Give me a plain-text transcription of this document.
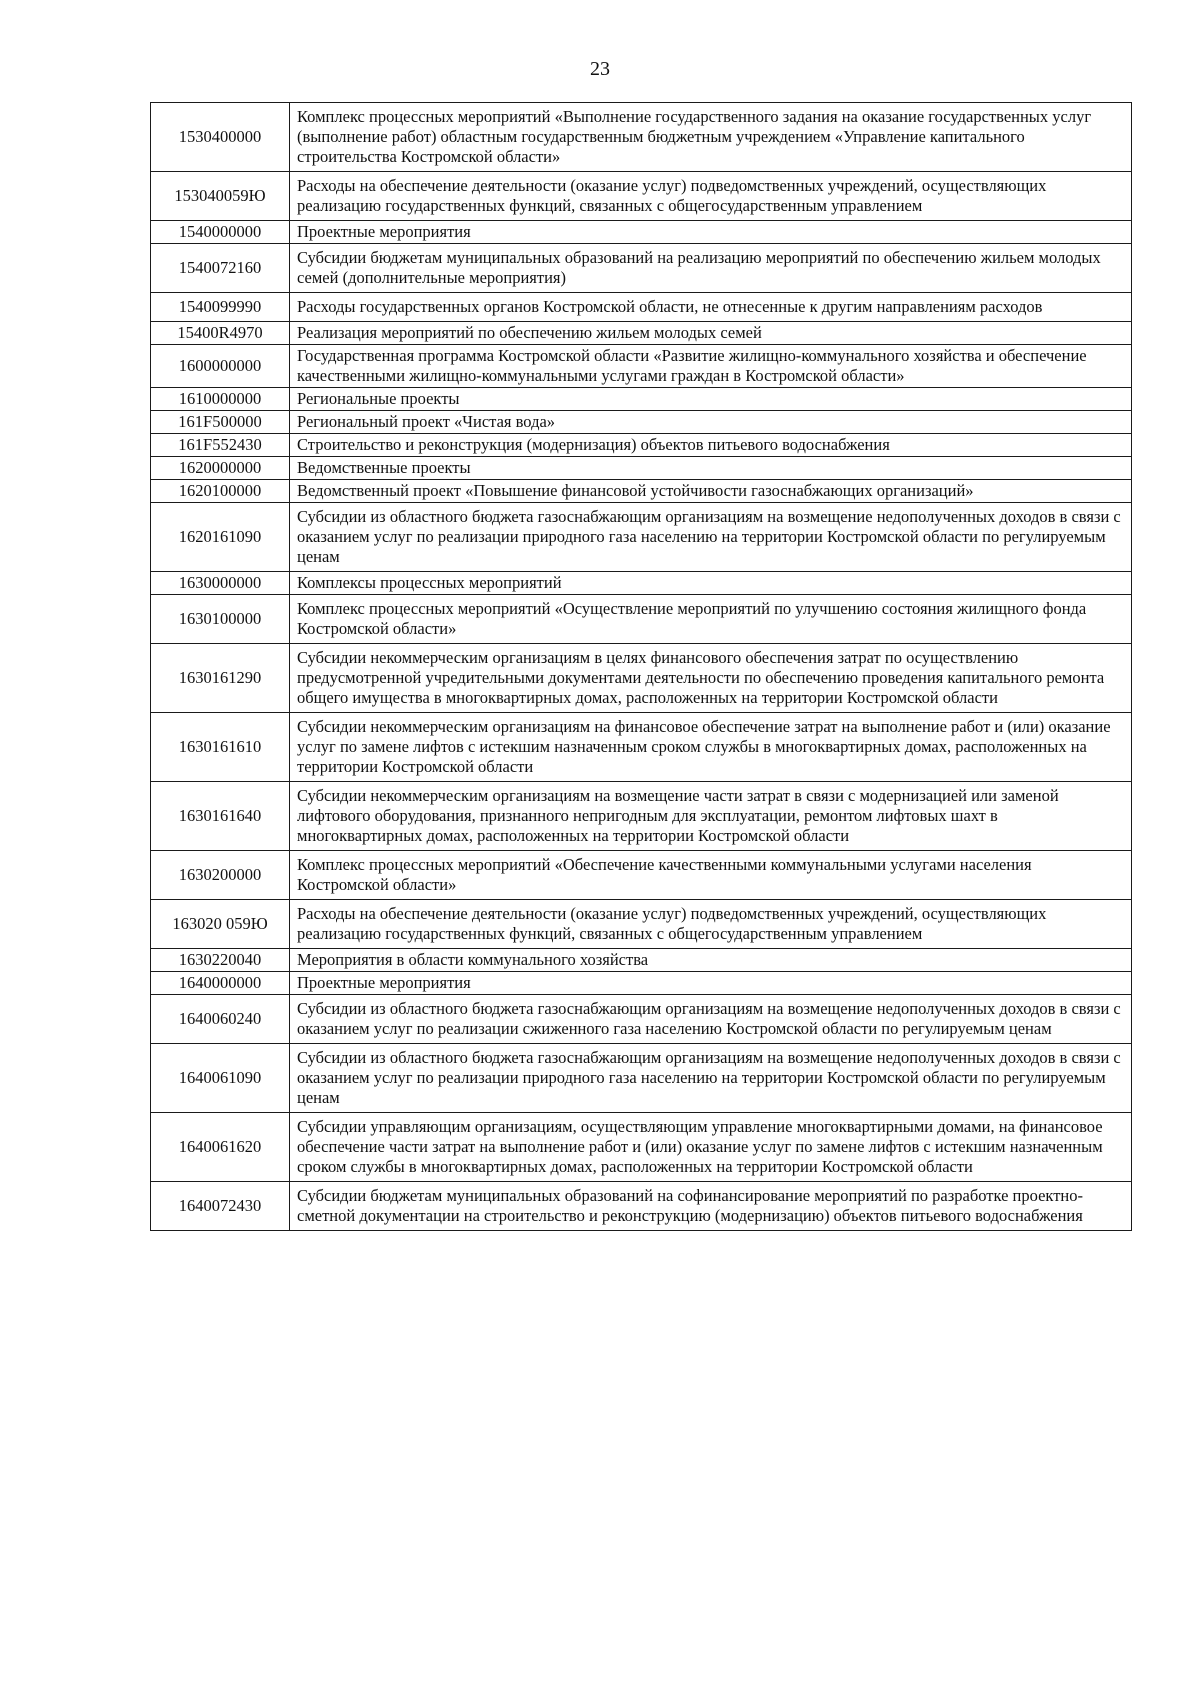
23
1530400000	Комплекс процессных мероприятий «Выполнение государственного задания на оказание государственных услуг (выполнение работ) областным государственным бюджетным учреждением «Управление капитального строительства Костромской области»
153040059Ю	Расходы на обеспечение деятельности (оказание услуг) подведомственных учреждений, осуществляющих реализацию государственных функций, связанных с общегосударственным управлением
1540000000	Проектные мероприятия
1540072160	Субсидии бюджетам муниципальных образований на реализацию мероприятий по обеспечению жильем молодых семей (дополнительные мероприятия)
1540099990	Расходы государственных органов Костромской области, не отнесенные к другим направлениям расходов
15400R4970	Реализация мероприятий по обеспечению жильем молодых семей
1600000000	Государственная программа Костромской области «Развитие жилищно-коммунального хозяйства и обеспечение качественными жилищно-коммунальными услугами граждан в Костромской области»
1610000000	Региональные проекты
161F500000	Региональный проект «Чистая вода»
161F552430	Строительство и реконструкция (модернизация) объектов питьевого водоснабжения
1620000000	Ведомственные проекты
1620100000	Ведомственный проект «Повышение финансовой устойчивости газоснабжающих организаций»
1620161090	Субсидии из областного бюджета газоснабжающим организациям на возмещение недополученных доходов в связи с оказанием услуг по реализации природного газа населению на территории Костромской области по регулируемым ценам
1630000000	Комплексы процессных мероприятий
1630100000	Комплекс процессных мероприятий «Осуществление мероприятий по улучшению состояния жилищного фонда Костромской области»
1630161290	Субсидии некоммерческим организациям в целях финансового обеспечения затрат по осуществлению предусмотренной учредительными документами деятельности по обеспечению проведения капитального ремонта общего имущества в многоквартирных домах, расположенных на территории Костромской области
1630161610	Субсидии некоммерческим организациям на финансовое обеспечение затрат на выполнение работ и (или) оказание услуг по замене лифтов с истекшим назначенным сроком службы в многоквартирных домах, расположенных на территории Костромской области
1630161640	Субсидии некоммерческим организациям на возмещение части затрат в связи с модернизацией или заменой лифтового оборудования, признанного непригодным для эксплуатации, ремонтом лифтовых шахт в многоквартирных домах, расположенных на территории Костромской области
1630200000	Комплекс процессных мероприятий «Обеспечение качественными коммунальными услугами населения Костромской области»
163020 059Ю	Расходы на обеспечение деятельности (оказание услуг) подведомственных учреждений, осуществляющих реализацию государственных функций, связанных с общегосударственным управлением
1630220040	Мероприятия в области коммунального хозяйства
1640000000	Проектные мероприятия
1640060240	Субсидии из областного бюджета газоснабжающим организациям на возмещение недополученных доходов в связи с оказанием услуг по реализации сжиженного газа населению Костромской области по регулируемым ценам
1640061090	Субсидии из областного бюджета газоснабжающим организациям на возмещение недополученных доходов в связи с оказанием услуг по реализации природного газа населению на территории Костромской области по регулируемым ценам
1640061620	Субсидии управляющим организациям, осуществляющим управление многоквартирными домами, на финансовое обеспечение части затрат на выполнение работ и (или) оказание услуг по замене лифтов с истекшим назначенным сроком службы в многоквартирных домах, расположенных на территории Костромской области
1640072430	Субсидии бюджетам муниципальных образований на софинансирование мероприятий по разработке проектно-сметной документации на строительство и реконструкцию (модернизацию) объектов питьевого водоснабжения
